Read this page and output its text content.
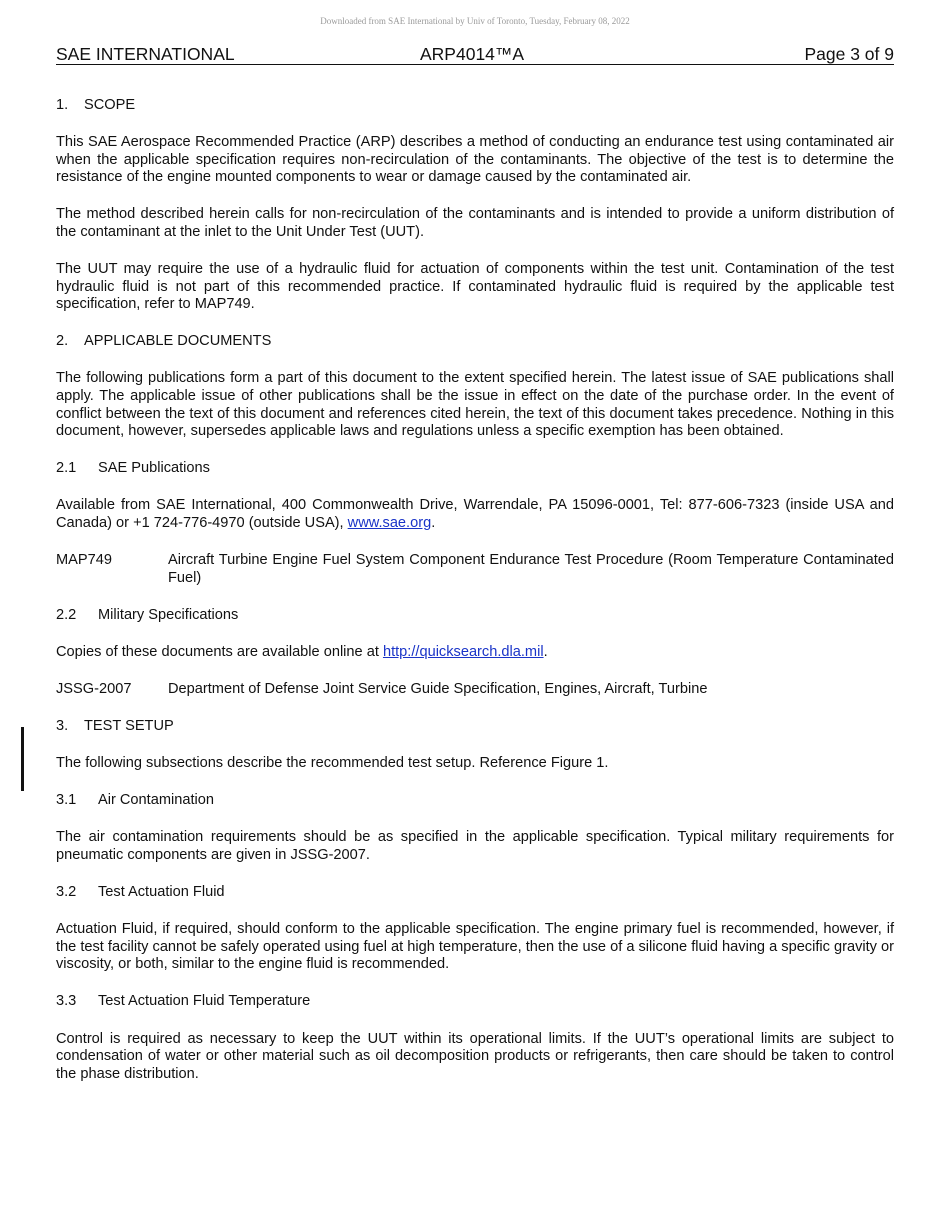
Downloaded from SAE International by Univ of Toronto, Tuesday, February 08, 2022
SAE INTERNATIONAL	ARP4014™A	Page 3 of 9
1.	SCOPE

This SAE Aerospace Recommended Practice (ARP) describes a method of conducting an endurance test using contaminated air when the applicable specification requires non-recirculation of the contaminants. The objective of the test is to determine the resistance of the engine mounted components to wear or damage caused by the contaminated air.

The method described herein calls for non-recirculation of the contaminants and is intended to provide a uniform distribution of the contaminant at the inlet to the Unit Under Test (UUT).

The UUT may require the use of a hydraulic fluid for actuation of components within the test unit. Contamination of the test hydraulic fluid is not part of this recommended practice. If contaminated hydraulic fluid is required by the applicable test specification, refer to MAP749.

2.	APPLICABLE DOCUMENTS

The following publications form a part of this document to the extent specified herein. The latest issue of SAE publications shall apply. The applicable issue of other publications shall be the issue in effect on the date of the purchase order. In the event of conflict between the text of this document and references cited herein, the text of this document takes precedence. Nothing in this document, however, supersedes applicable laws and regulations unless a specific exemption has been obtained.

2.1	SAE Publications

Available from SAE International, 400 Commonwealth Drive, Warrendale, PA 15096-0001, Tel: 877-606-7323 (inside USA and Canada) or +1 724-776-4970 (outside USA), www.sae.org.

MAP749	Aircraft Turbine Engine Fuel System Component Endurance Test Procedure (Room Temperature Contaminated Fuel)
2.2	Military Specifications

Copies of these documents are available online at http://quicksearch.dla.mil.

JSSG-2007	Department of Defense Joint Service Guide Specification, Engines, Aircraft, Turbine
3.	TEST SETUP

The following subsections describe the recommended test setup. Reference Figure 1.

3.1	Air Contamination

The air contamination requirements should be as specified in the applicable specification. Typical military requirements for pneumatic components are given in JSSG-2007.

3.2	Test Actuation Fluid

Actuation Fluid, if required, should conform to the applicable specification. The engine primary fuel is recommended, however, if the test facility cannot be safely operated using fuel at high temperature, then the use of a silicone fluid having a specific gravity or viscosity, or both, similar to the engine fluid is recommended.

3.3	Test Actuation Fluid Temperature

Control is required as necessary to keep the UUT within its operational limits. If the UUT’s operational limits are subject to condensation of water or other material such as oil decomposition products or refrigerants, then care should be taken to control the phase distribution.
